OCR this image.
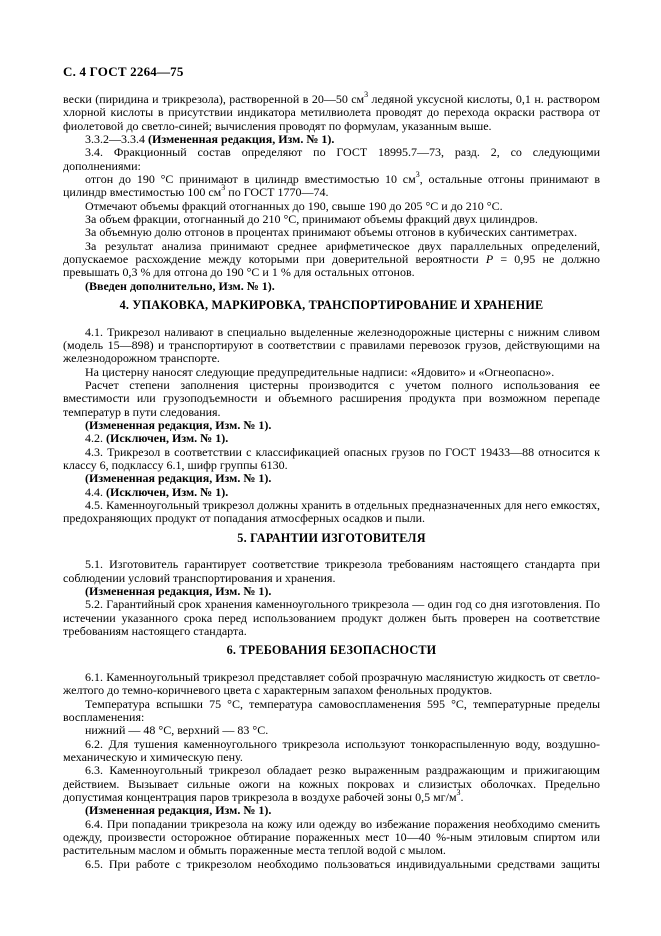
С. 4 ГОСТ 2264—75

вески (пиридина и трикрезола), растворенной в 20—50 $см^3$ ледяной уксусной кислоты, 0,1 н. раствором хлорной кислоты в присутствии индикатора метилвиолета проводят до перехода окраски раствора от фиолетовой до светло-синей; вычисления проводят по формулам, указанным выше.

3.3.2—3.3.4 (Измененная редакция, Изм. № 1).

3.4. Фракционный состав определяют по ГОСТ 18995.7—73, разд. 2, со следующими дополнениями:

отгон до 190 °С принимают в цилиндр вместимостью 10 $см^3$, остальные отгоны принимают в цилиндр вместимостью 100 $см^3$ по ГОСТ 1770—74.

Отмечают объемы фракций отогнанных до 190, свыше 190 до 205 °С и до 210 °С.

За объем фракции, отогнанный до 210 °С, принимают объемы фракций двух цилиндров.

За объемную долю отгонов в процентах принимают объемы отгонов в кубических сантиметрах.

За результат анализа принимают среднее арифметическое двух параллельных определений, допускаемое расхождение между которыми при доверительной вероятности Р = 0,95 не должно превышать 0,3 % для отгона до 190 °С и 1 % для остальных отгонов.

(Введен дополнительно, Изм. № 1).

4. УПАКОВКА, МАРКИРОВКА, ТРАНСПОРТИРОВАНИЕ И ХРАНЕНИЕ

4.1. Трикрезол наливают в специально выделенные железнодорожные цистерны с нижним сливом (модель 15—898) и транспортируют в соответствии с правилами перевозок грузов, действующими на железнодорожном транспорте.

На цистерну наносят следующие предупредительные надписи: «Ядовито» и «Огнеопасно».

Расчет степени заполнения цистерны производится с учетом полного использования ее вместимости или грузоподъемности и объемного расширения продукта при возможном перепаде температур в пути следования.

(Измененная редакция, Изм. № 1).

4.2. (Исключен, Изм. № 1).

4.3. Трикрезол в соответствии с классификацией опасных грузов по ГОСТ 19433—88 относится к классу 6, подклассу 6.1, шифр группы 6130.

(Измененная редакция, Изм. № 1).

4.4. (Исключен, Изм. № 1).

4.5. Каменноугольный трикрезол должны хранить в отдельных предназначенных для него емкостях, предохраняющих продукт от попадания атмосферных осадков и пыли.

5. ГАРАНТИИ ИЗГОТОВИТЕЛЯ

5.1. Изготовитель гарантирует соответствие трикрезола требованиям настоящего стандарта при соблюдении условий транспортирования и хранения.

(Измененная редакция, Изм. № 1).

5.2. Гарантийный срок хранения каменноугольного трикрезола — один год со дня изготовления. По истечении указанного срока перед использованием продукт должен быть проверен на соответствие требованиям настоящего стандарта.

6. ТРЕБОВАНИЯ БЕЗОПАСНОСТИ

6.1. Каменноугольный трикрезол представляет собой прозрачную маслянистую жидкость от светло-желтого до темно-коричневого цвета с характерным запахом фенольных продуктов.

Температура вспышки 75 °С, температура самовоспламенения 595 °С, температурные пределы воспламенения:

нижний — 48 °С, верхний — 83 °С.

6.2. Для тушения каменноугольного трикрезола используют тонкораспыленную воду, воздушно-механическую и химическую пену.

6.3. Каменноугольный трикрезол обладает резко выраженным раздражающим и прижигающим действием. Вызывает сильные ожоги на кожных покровах и слизистых оболочках. Предельно допустимая концентрация паров трикрезола в воздухе рабочей зоны 0,5 $мг/м^3$.

(Измененная редакция, Изм. № 1).

6.4. При попадании трикрезола на кожу или одежду во избежание поражения необходимо сменить одежду, произвести осторожное обтирание пораженных мест 10—40 %-ным этиловым спиртом или растительным маслом и обмыть пораженные места теплой водой с мылом.

6.5. При работе с трикрезолом необходимо пользоваться индивидуальными средствами защиты
